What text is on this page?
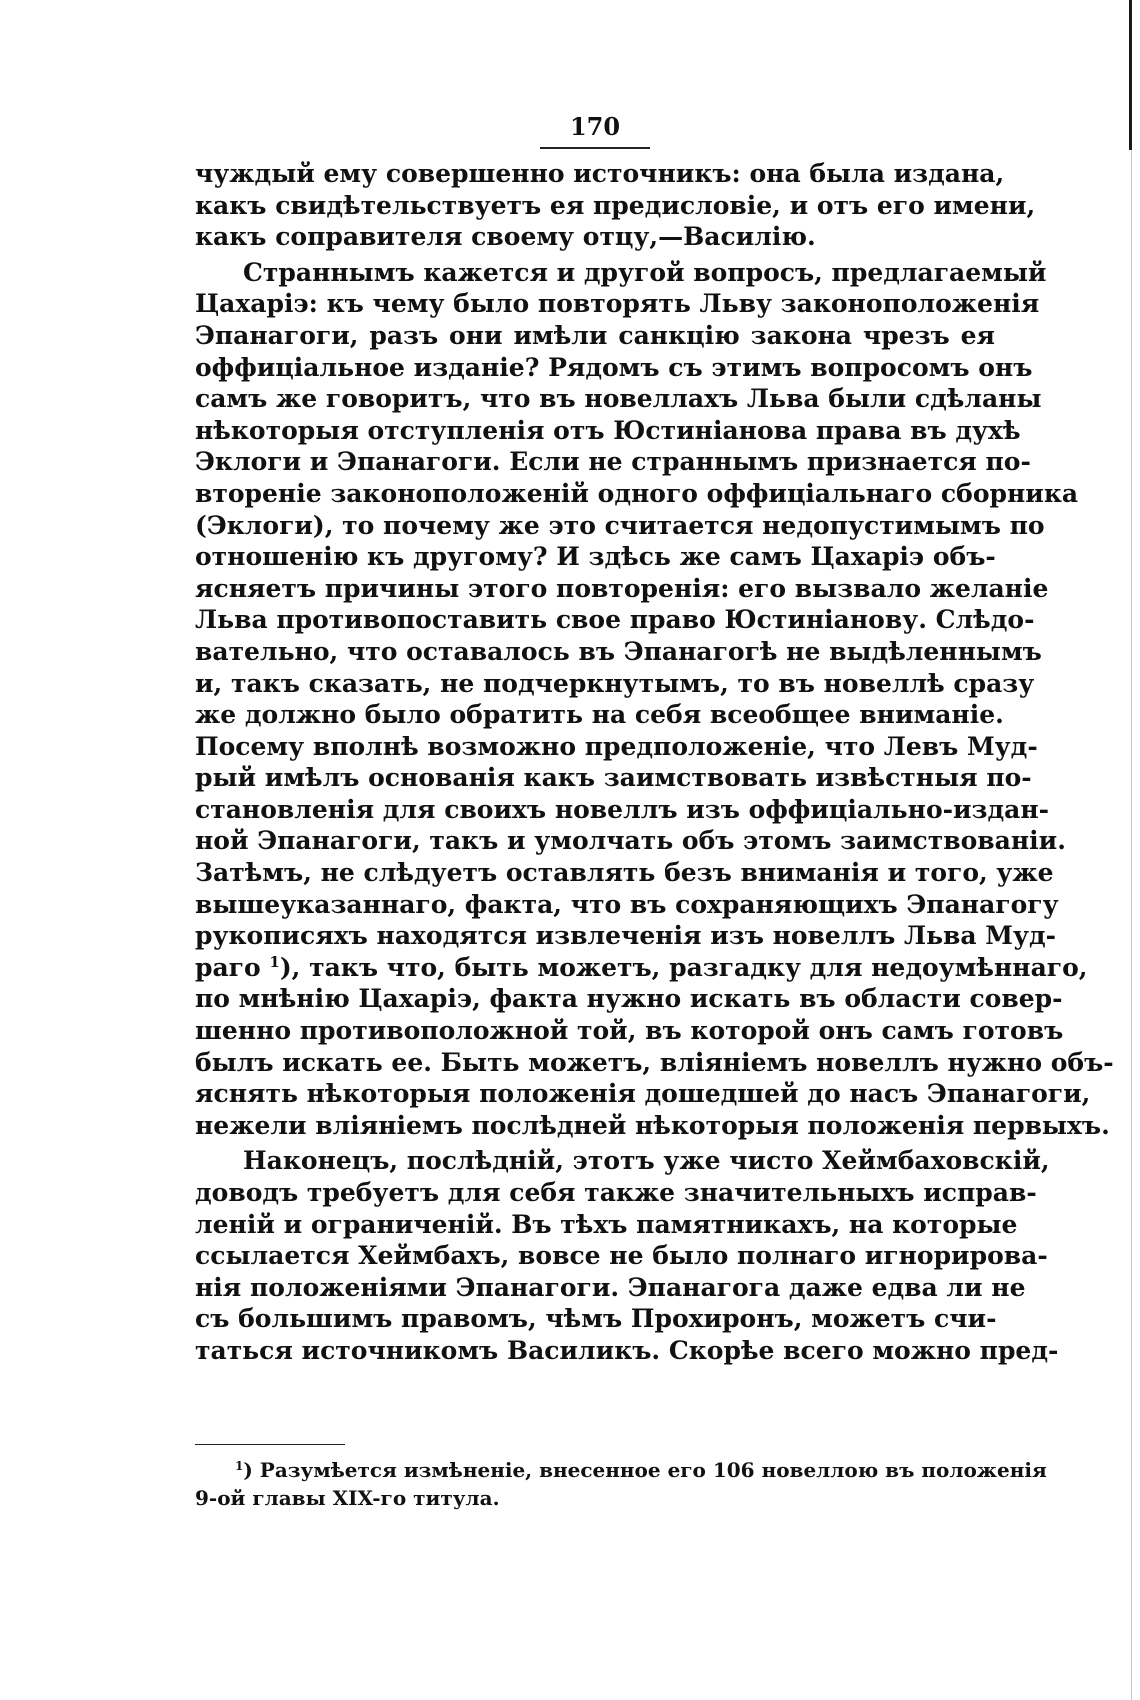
170
чуждый ему совершенно источникъ: она была издана,
какъ свидѣтельствуетъ ея предисловіе, и отъ его имени,
какъ соправителя своему отцу,—Василію.
Страннымъ кажется и другой вопросъ, предлагаемый
Цахаріэ: къ чему было повторять Льву законоположенія
Эпанагоги, разъ они имѣли санкцію закона чрезъ ея
оффиціальное изданіе? Рядомъ съ этимъ вопросомъ онъ
самъ же говоритъ, что въ новеллахъ Льва были сдѣланы
нѣкоторыя отступленія отъ Юстиніанова права въ духѣ
Эклоги и Эпанагоги. Если не страннымъ признается по-
втореніе законоположеній одного оффиціальнаго сборника
(Эклоги), то почему же это считается недопустимымъ по
отношенію къ другому? И здѣсь же самъ Цахаріэ объ-
ясняетъ причины этого повторенія: его вызвало желаніе
Льва противопоставить свое право Юстиніанову. Слѣдо-
вательно, что оставалось въ Эпанагогѣ не выдѣленнымъ
и, такъ сказать, не подчеркнутымъ, то въ новеллѣ сразу
же должно было обратить на себя всеобщее вниманіе.
Посему вполнѣ возможно предположеніе, что Левъ Муд-
рый имѣлъ основанія какъ заимствовать извѣстныя по-
становленія для своихъ новеллъ изъ оффиціально-издан-
ной Эпанагоги, такъ и умолчать объ этомъ заимствованіи.
Затѣмъ, не слѣдуетъ оставлять безъ вниманія и того, уже
вышеуказаннаго, факта, что въ сохраняющихъ Эпанагогу
рукописяхъ находятся извлеченія изъ новеллъ Льва Муд-
раго $^1$), такъ что, быть можетъ, разгадку для недоумѣннаго,
по мнѣнію Цахаріэ, факта нужно искать въ области совер-
шенно противоположной той, въ которой онъ самъ готовъ
былъ искать ее. Быть можетъ, вліяніемъ новеллъ нужно объ-
яснять нѣкоторыя положенія дошедшей до насъ Эпанагоги,
нежели вліяніемъ послѣдней нѣкоторыя положенія первыхъ.
Наконецъ, послѣдній, этотъ уже чисто Хеймбаховскій,
доводъ требуетъ для себя также значительныхъ исправ-
леній и ограниченій. Въ тѣхъ памятникахъ, на которые
ссылается Хеймбахъ, вовсе не было полнаго игнорирова-
нія положеніями Эпанагоги. Эпанагога даже едва ли не
съ большимъ правомъ, чѣмъ Прохиронъ, можетъ счи-
таться источникомъ Василикъ. Скорѣе всего можно пред-
$^1$) Разумѣется измѣненіе, внесенное его 106 новеллою въ положенія
9-ой главы XIX-го титула.
